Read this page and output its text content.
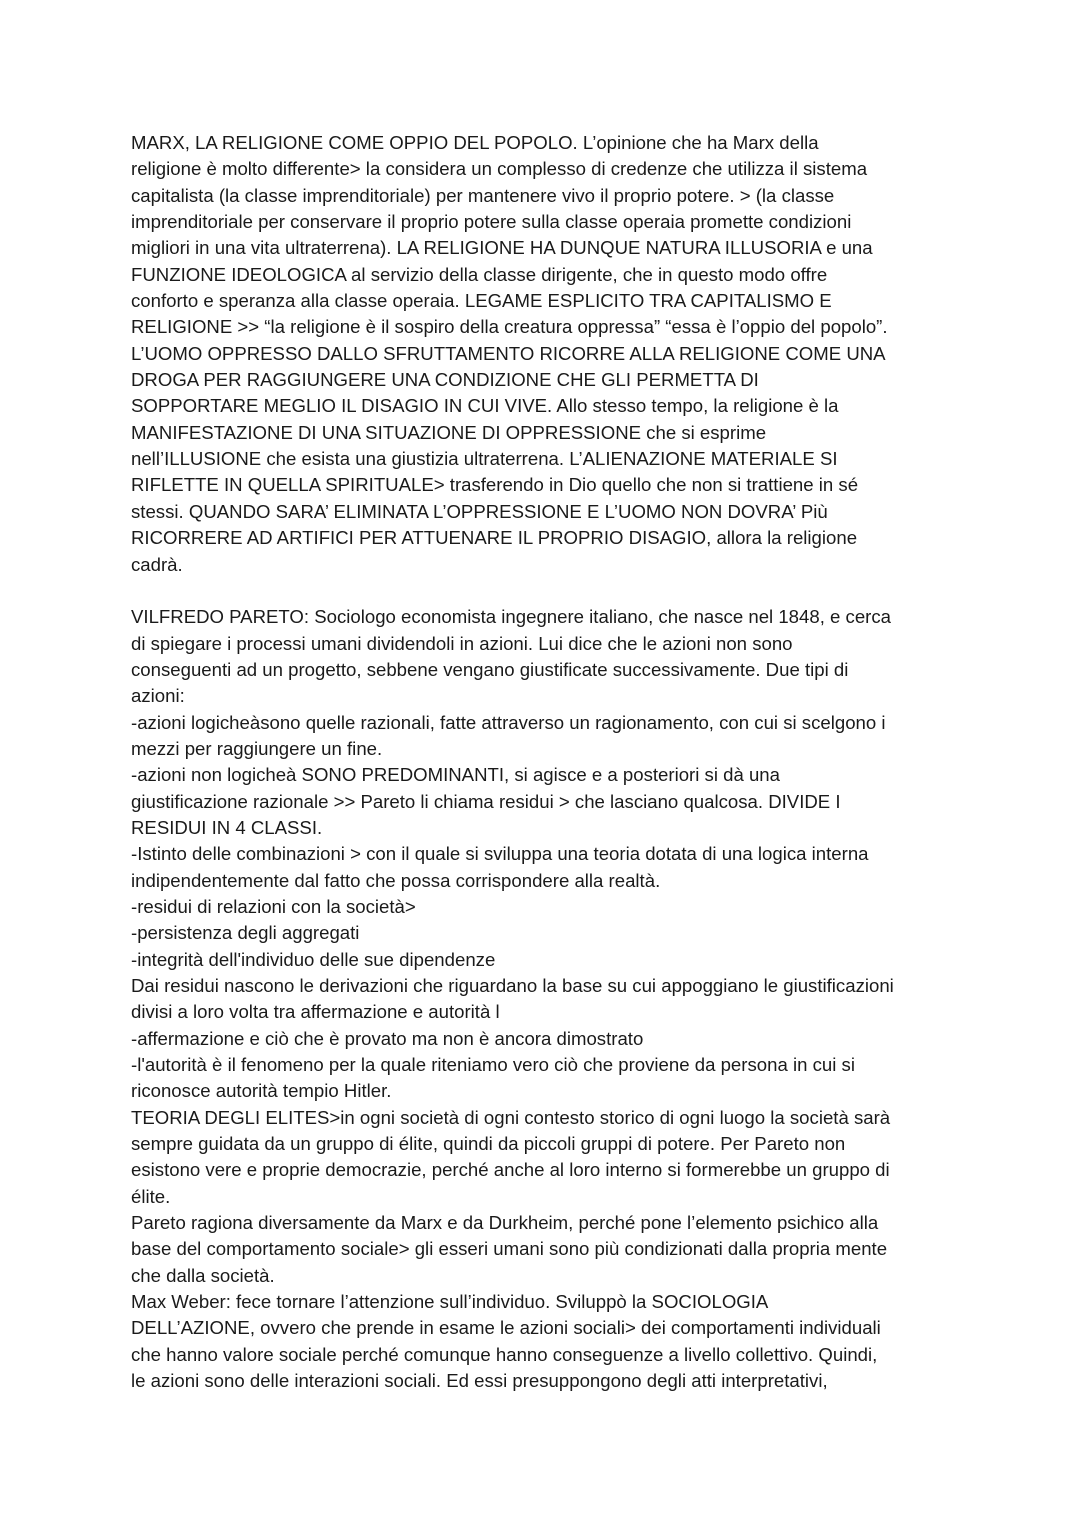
MARX, LA RELIGIONE COME OPPIO DEL POPOLO. L’opinione che ha Marx della
religione è molto differente> la considera un complesso di credenze che utilizza il sistema
capitalista (la classe imprenditoriale) per mantenere vivo il proprio potere. > (la classe
imprenditoriale per conservare il proprio potere sulla classe operaia promette condizioni
migliori in una vita ultraterrena). LA RELIGIONE HA DUNQUE NATURA ILLUSORIA e una
FUNZIONE IDEOLOGICA al servizio della classe dirigente, che in questo modo offre
conforto e speranza alla classe operaia. LEGAME ESPLICITO TRA CAPITALISMO E
RELIGIONE >> “la religione è il sospiro della creatura oppressa” “essa è l’oppio del popolo”.
L’UOMO OPPRESSO DALLO SFRUTTAMENTO RICORRE ALLA RELIGIONE COME UNA
DROGA PER RAGGIUNGERE UNA CONDIZIONE CHE GLI PERMETTA DI
SOPPORTARE MEGLIO IL DISAGIO IN CUI VIVE. Allo stesso tempo, la religione è la
MANIFESTAZIONE DI UNA SITUAZIONE DI OPPRESSIONE che si esprime
nell’ILLUSIONE che esista una giustizia ultraterrena. L’ALIENAZIONE MATERIALE SI
RIFLETTE IN QUELLA SPIRITUALE> trasferendo in Dio quello che non si trattiene in sé
stessi. QUANDO SARA’ ELIMINATA L’OPPRESSIONE E L’UOMO NON DOVRA’ Più
RICORRERE AD ARTIFICI PER ATTUENARE IL PROPRIO DISAGIO, allora la religione
cadrà.
VILFREDO PARETO: Sociologo economista ingegnere italiano, che nasce nel 1848, e cerca
di spiegare i processi umani dividendoli in azioni. Lui dice che le azioni non sono
conseguenti ad un progetto, sebbene vengano giustificate successivamente. Due tipi di
azioni:
-azioni logicheàsono quelle razionali, fatte attraverso un ragionamento, con cui si scelgono i
mezzi per raggiungere un fine.
-azioni non logicheà SONO PREDOMINANTI, si agisce e a posteriori si dà una
giustificazione razionale >> Pareto li chiama residui > che lasciano qualcosa. DIVIDE I
RESIDUI IN 4 CLASSI.
-Istinto delle combinazioni > con il quale si sviluppa una teoria dotata di una logica interna
indipendentemente dal fatto che possa corrispondere alla realtà.
-residui di relazioni con la società>
-persistenza degli aggregati
-integrità dell'individuo delle sue dipendenze
Dai residui nascono le derivazioni che riguardano la base su cui appoggiano le giustificazioni
divisi a loro volta tra affermazione e autorità l
-affermazione e ciò che è provato ma non è ancora dimostrato
-l'autorità è il fenomeno per la quale riteniamo vero ciò che proviene da persona in cui si
riconosce autorità tempio Hitler.
TEORIA DEGLI ELITES>in ogni società di ogni contesto storico di ogni luogo la società sarà
sempre guidata da un gruppo di élite, quindi da piccoli gruppi di potere. Per Pareto non
esistono vere e proprie democrazie, perché anche al loro interno si formerebbe un gruppo di
élite.
Pareto ragiona diversamente da Marx e da Durkheim, perché pone l’elemento psichico alla
base del comportamento sociale> gli esseri umani sono più condizionati dalla propria mente
che dalla società.
Max Weber: fece tornare l’attenzione sull’individuo. Sviluppò la SOCIOLOGIA
DELL’AZIONE, ovvero che prende in esame le azioni sociali> dei comportamenti individuali
che hanno valore sociale perché comunque hanno conseguenze a livello collettivo. Quindi,
le azioni sono delle interazioni sociali. Ed essi presuppongono degli atti interpretativi,
